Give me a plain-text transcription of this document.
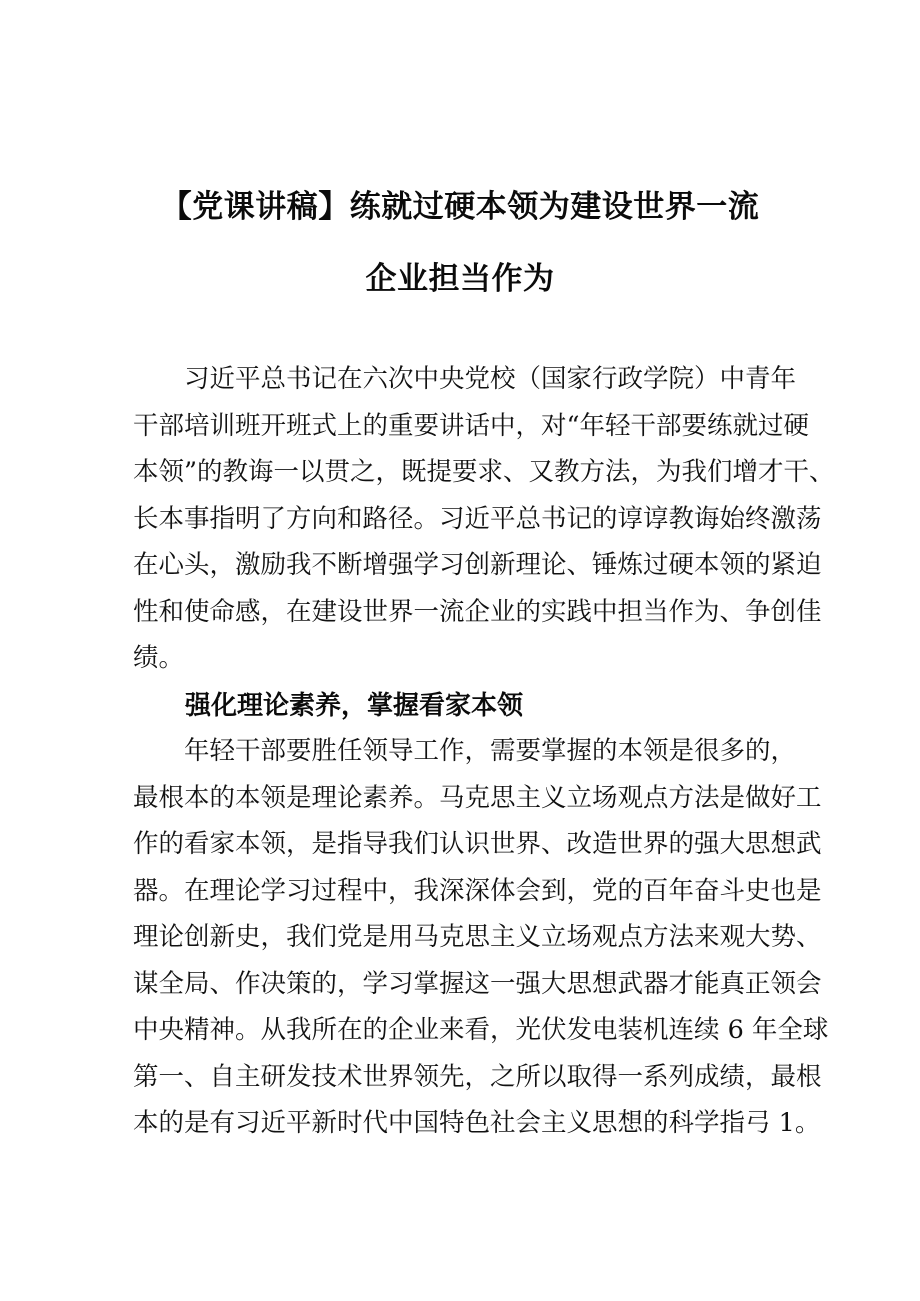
【党课讲稿】练就过硬本领为建设世界一流
企业担当作为

习近平总书记在六次中央党校（国家行政学院）中青年
干部培训班开班式上的重要讲话中，对“年轻干部要练就过硬
本领”的教诲一以贯之，既提要求、又教方法，为我们增才干、
长本事指明了方向和路径。习近平总书记的谆谆教诲始终激荡
在心头，激励我不断增强学习创新理论、锤炼过硬本领的紧迫
性和使命感，在建设世界一流企业的实践中担当作为、争创佳
绩。

强化理论素养，掌握看家本领

年轻干部要胜任领导工作，需要掌握的本领是很多的，
最根本的本领是理论素养。马克思主义立场观点方法是做好工
作的看家本领，是指导我们认识世界、改造世界的强大思想武
器。在理论学习过程中，我深深体会到，党的百年奋斗史也是
理论创新史，我们党是用马克思主义立场观点方法来观大势、
谋全局、作决策的，学习掌握这一强大思想武器才能真正领会
中央精神。从我所在的企业来看，光伏发电装机连续 6 年全球
第一、自主研发技术世界领先，之所以取得一系列成绩，最根
本的是有习近平新时代中国特色社会主义思想的科学指弓 1。
